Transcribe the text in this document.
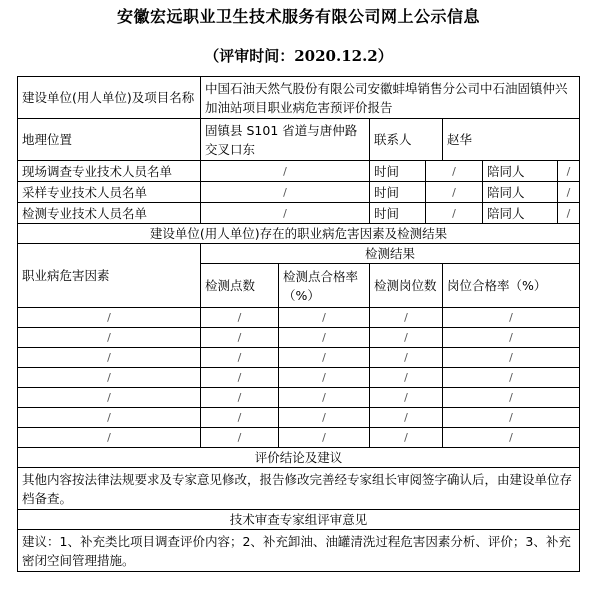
安徽宏远职业卫生技术服务有限公司网上公示信息
（评审时间：2020.12.2）
建设单位(用人单位)及项目名称	中国石油天然气股份有限公司安徽蚌埠销售分公司中石油固镇仲兴加油站项目职业病危害预评价报告						
地理位置	固镇县 S101 省道与唐仲路交叉口东		联系人		赵华		
现场调查专业技术人员名单	/		时间	/		陪同人	/
采样专业技术人员名单	/		时间	/		陪同人	/
检测专业技术人员名单	/		时间	/		陪同人	/
建设单位(用人单位)存在的职业病危害因素及检测结果							
职业病危害因素	检测结果						
	检测点数	检测点合格率（%）	检测岗位数		岗位合格率（%）		
/	/	/	/		/		
/	/	/	/		/		
/	/	/	/		/		
/	/	/	/		/		
/	/	/	/		/		
/	/	/	/		/		
/	/	/	/		/		
评价结论及建议							
其他内容按法律法规要求及专家意见修改，报告修改完善经专家组长审阅签字确认后，由建设单位存档备查。							
技术审查专家组评审意见							
建议：1、补充类比项目调查评价内容；2、补充卸油、油罐清洗过程危害因素分析、评价；3、补充密闭空间管理措施。							
